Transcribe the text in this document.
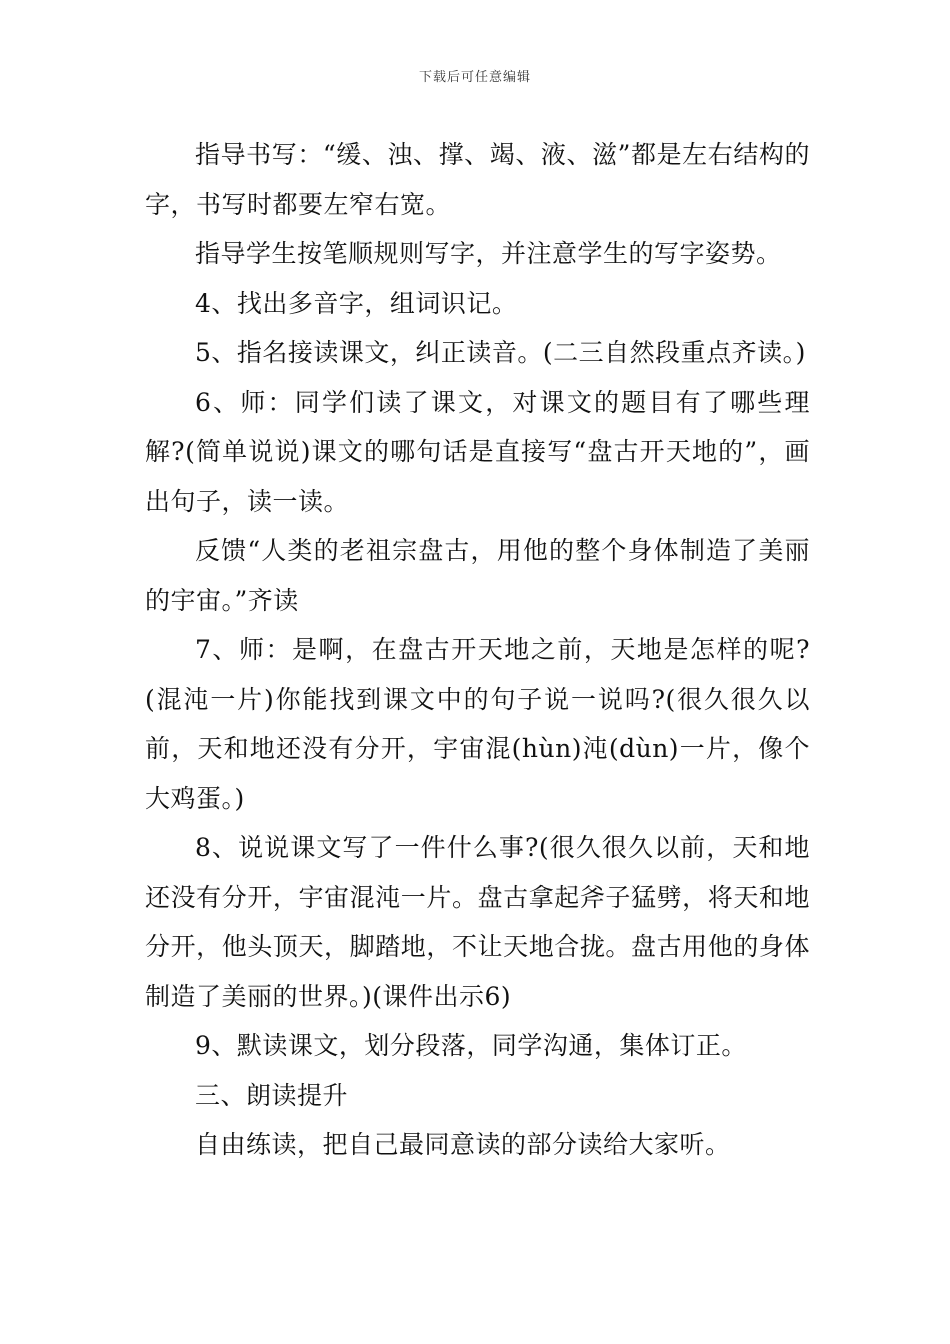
下载后可任意编辑

指导书写：“缓、浊、撑、竭、液、滋”都是左右结构的字，书写时都要左窄右宽。

指导学生按笔顺规则写字，并注意学生的写字姿势。

4、找出多音字，组词识记。

5、指名接读课文，纠正读音。(二三自然段重点齐读。)

6、师：同学们读了课文，对课文的题目有了哪些理解?(简单说说)课文的哪句话是直接写“盘古开天地的”，画出句子，读一读。

反馈“人类的老祖宗盘古，用他的整个身体制造了美丽的宇宙。”齐读

7、师：是啊，在盘古开天地之前，天地是怎样的呢?(混沌一片)你能找到课文中的句子说一说吗?(很久很久以前，天和地还没有分开，宇宙混(hùn)沌(dùn)一片，像个大鸡蛋。)

8、说说课文写了一件什么事?(很久很久以前，天和地还没有分开，宇宙混沌一片。盘古拿起斧子猛劈，将天和地分开，他头顶天，脚踏地，不让天地合拢。盘古用他的身体制造了美丽的世界。)(课件出示6)

9、默读课文，划分段落，同学沟通，集体订正。

三、朗读提升

自由练读，把自己最同意读的部分读给大家听。
